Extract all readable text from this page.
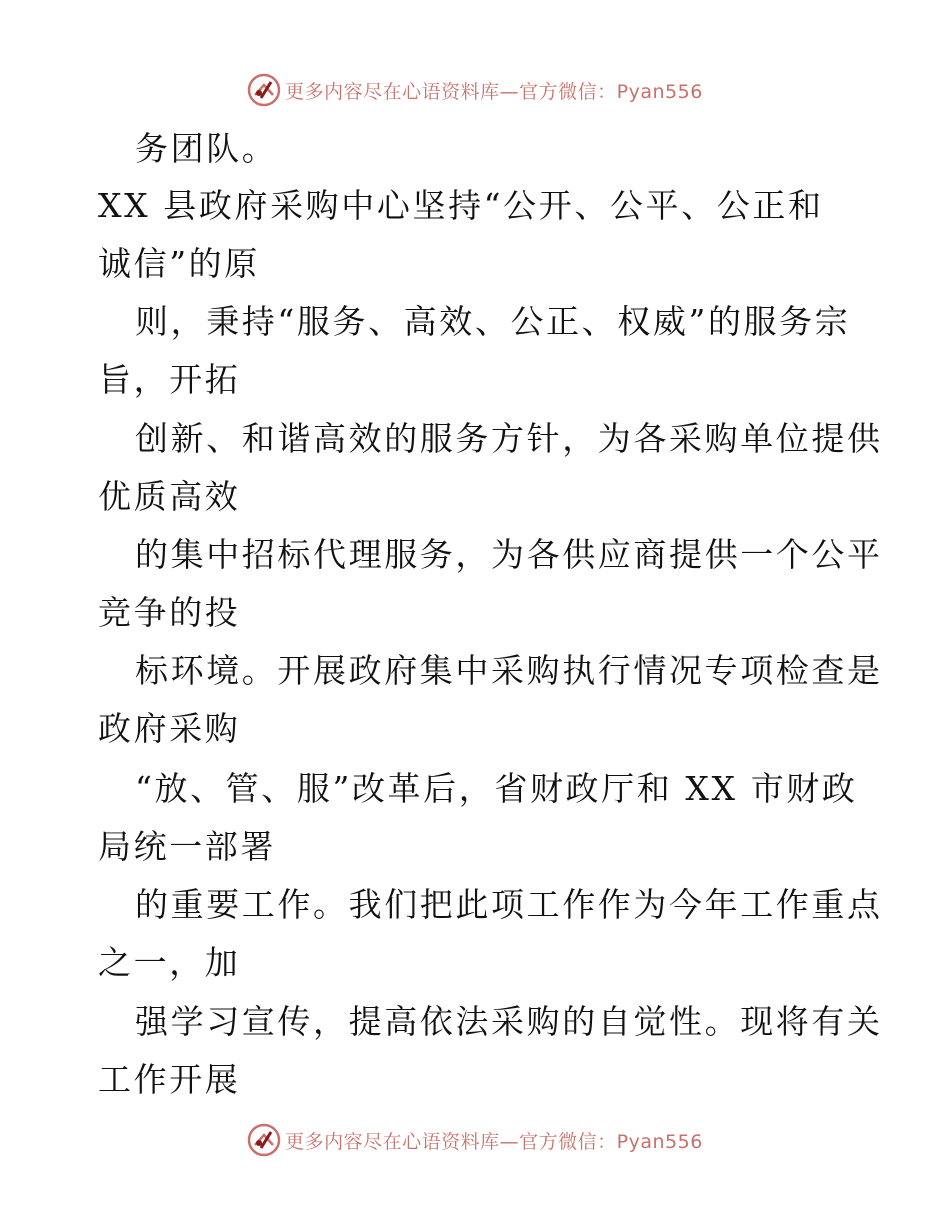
更多内容尽在心语资料库—官方微信：Pyan556
务团队。
XX 县政府采购中心坚持“公开、公平、公正和
诚信”的原
则，秉持“服务、高效、公正、权威”的服务宗
旨，开拓
创新、和谐高效的服务方针，为各采购单位提供
优质高效
的集中招标代理服务，为各供应商提供一个公平
竞争的投
标环境。开展政府集中采购执行情况专项检查是
政府采购
“放、管、服”改革后，省财政厅和 XX 市财政
局统一部署
的重要工作。我们把此项工作作为今年工作重点
之一，加
强学习宣传，提高依法采购的自觉性。现将有关
工作开展
更多内容尽在心语资料库—官方微信：Pyan556
